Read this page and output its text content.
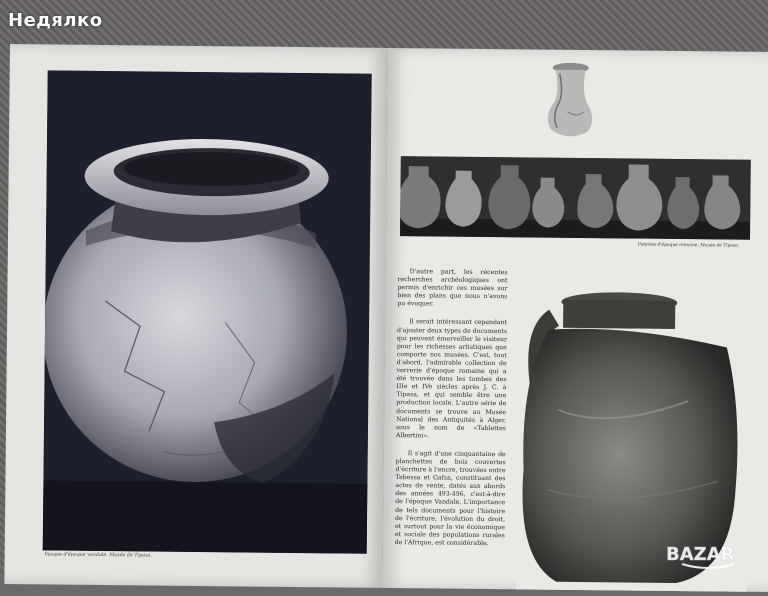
Vasque d'époque vandale. Musée de Tipasa.
Poteries d'époque romaine. Musée de Tipasa.

D'autre part, les récentes recherches archéologiques ont permis d'enrichir ces musées sur bien des plans que nous n'avons pu évoquer.

Il serait intéressant cependant d'ajouter deux types de documents qui peuvent émerveiller le visiteur pour les richesses artistiques que comporte nos musées. C'est, tout d'abord, l'admirable collection de verrerie d'époque romaine qui a été trouvée dans les tombes des IIIe et IVe siècles après J. C. à Tipasa, et qui semble être une production locale. L'autre série de documents se trouve au Musée National des Antiquités à Alger, sous le nom de «Tablettes Albertini».

Il s'agit d'une cinquantaine de planchettes de bois couvertes d'écriture à l'encre, trouvées entre Tebessa et Gafsa, constituant des actes de vente, datés aux abords des années 493-496, c'est-à-dire de l'époque Vandale. L'importance de tels documents pour l'histoire de l'écriture, l'évolution du droit, et surtout pour la vie économique et sociale des populations rurales de l'Afrique, est considérable.

Недялко
BAZAR
